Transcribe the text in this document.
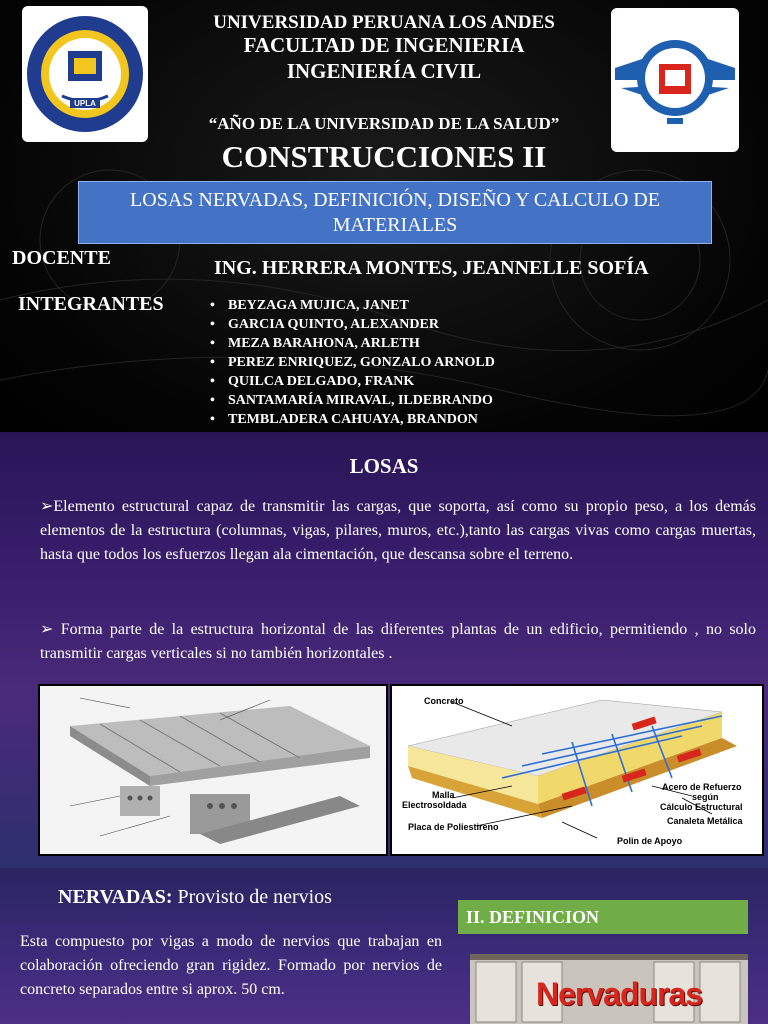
UPLA
UNIVERSIDAD PERUANA LOS ANDES
FACULTAD DE INGENIERIA
INGENIERÍA CIVIL
“AÑO DE LA UNIVERSIDAD DE LA SALUD”
CONSTRUCCIONES II
LOSAS NERVADAS, DEFINICIÓN, DISEÑO Y CALCULO DE MATERIALES
DOCENTE	ING. HERRERA MONTES, JEANNELLE SOFÍA
INTEGRANTES	• BEYZAGA MUJICA, JANET
• GARCIA QUINTO, ALEXANDER
• MEZA BARAHONA, ARLETH
• PEREZ ENRIQUEZ, GONZALO ARNOLD
• QUILCA DELGADO, FRANK
• SANTAMARÍA MIRAVAL, ILDEBRANDO
• TEMBLADERA CAHUAYA, BRANDON
LOSAS
➢Elemento estructural capaz de transmitir las cargas, que soporta, así como su propio peso, a los demás elementos de la estructura (columnas, vigas, pilares, muros, etc.),tanto las cargas vivas como cargas muertas, hasta que todos los esfuerzos llegan ala cimentación, que descansa sobre el terreno.
➢ Forma parte de la estructura horizontal de las diferentes plantas de un edificio, permitiendo , no solo transmitir cargas verticales si no también horizontales .
Concreto
Malla
Electrosoldada
Placa de Poliestireno
Acero de Refuerzo
según
Cálculo Estructural
Canaleta Metálica
Polin de Apoyo
NERVADAS: Provisto de nervios
Esta compuesto por vigas a modo de nervios que trabajan en colaboración ofreciendo gran rigidez. Formado por nervios de concreto separados entre si aprox. 50 cm.
II. DEFINICION
Nervaduras
